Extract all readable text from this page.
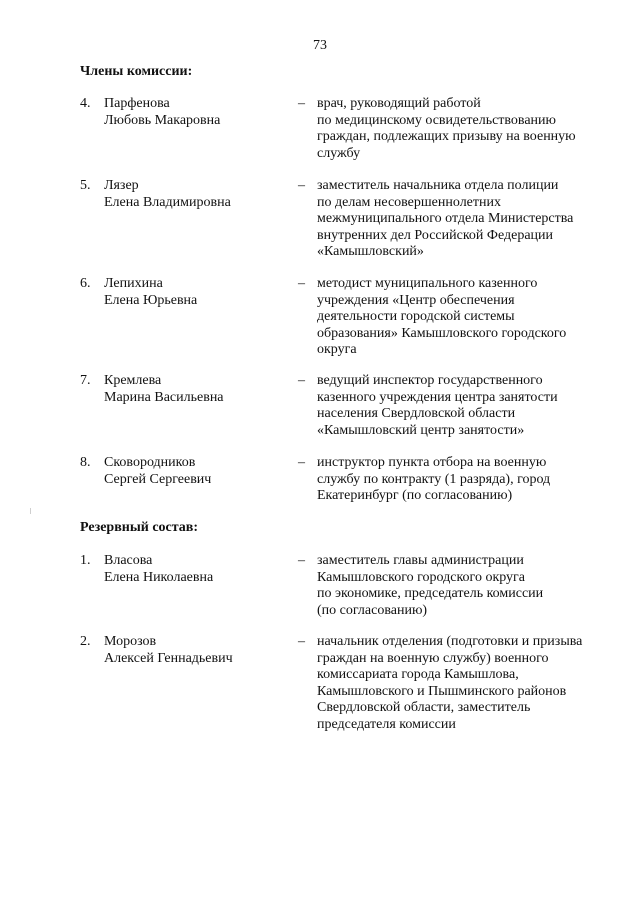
73
Члены комиссии:
4. Парфенова
Любовь Макаровна
– врач, руководящий работой
по медицинскому освидетельствованию
граждан, подлежащих призыву на военную
службу
5. Лязер
Елена Владимировна
– заместитель начальника отдела полиции
по делам несовершеннолетних
межмуниципального отдела Министерства
внутренних дел Российской Федерации
«Камышловский»
6. Лепихина
Елена Юрьевна
– методист муниципального казенного
учреждения «Центр обеспечения
деятельности городской системы
образования» Камышловского городского
округа
7. Кремлева
Марина Васильевна
– ведущий инспектор государственного
казенного учреждения центра занятости
населения Свердловской области
«Камышловский центр занятости»
8. Сковородников
Сергей Сергеевич
– инструктор пункта отбора на военную
службу по контракту (1 разряда), город
Екатеринбург (по согласованию)
Резервный состав:
1. Власова
Елена Николаевна
– заместитель главы администрации
Камышловского городского округа
по экономике, председатель комиссии
(по согласованию)
2. Морозов
Алексей Геннадьевич
– начальник отделения (подготовки и призыва
граждан на военную службу) военного
комиссариата города Камышлова,
Камышловского и Пышминского районов
Свердловской области, заместитель
председателя комиссии
